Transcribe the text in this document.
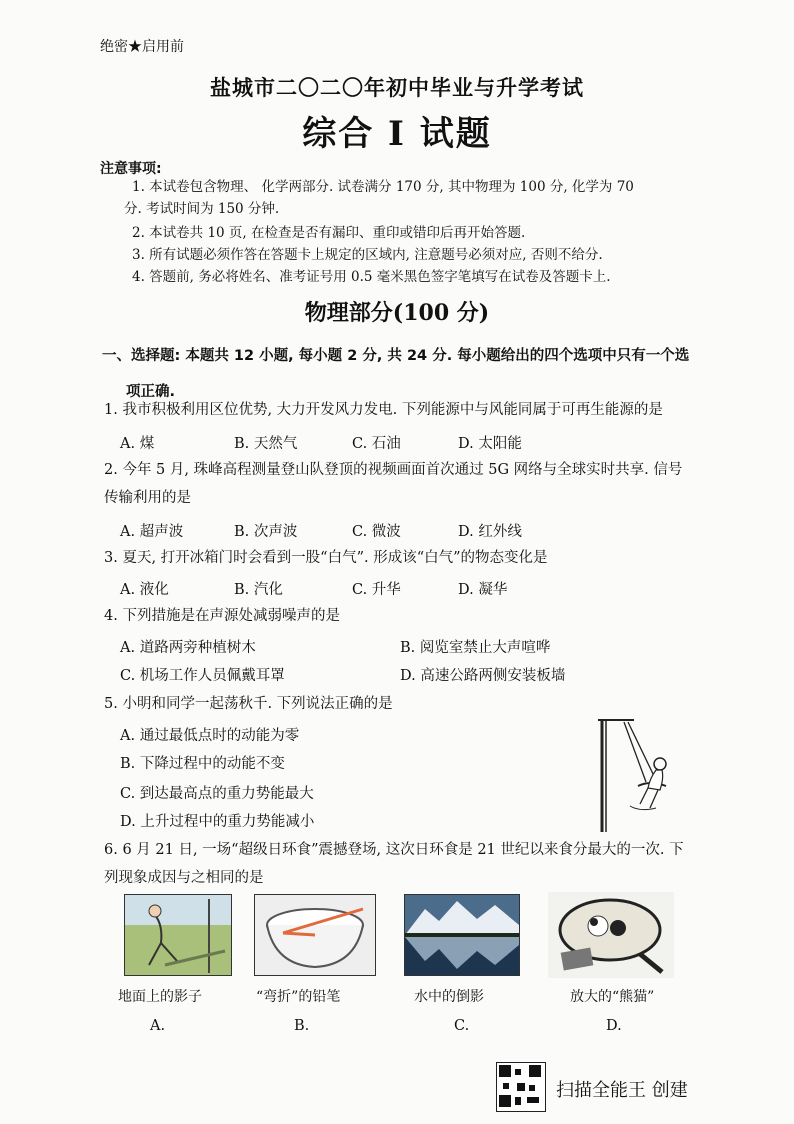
绝密★启用前
盐城市二〇二〇年初中毕业与升学考试
综合 I 试题
注意事项:
1. 本试卷包含物理、 化学两部分. 试卷满分 170 分, 其中物理为 100 分, 化学为 70
分. 考试时间为 150 分钟.
2. 本试卷共 10 页, 在检查是否有漏印、重印或错印后再开始答题.
3. 所有试题必须作答在答题卡上规定的区域内, 注意题号必须对应, 否则不给分.
4. 答题前, 务必将姓名、准考证号用 0.5 毫米黑色签字笔填写在试卷及答题卡上.
物理部分(100 分)
一、选择题: 本题共 12 小题, 每小题 2 分, 共 24 分. 每小题给出的四个选项中只有一个选
项正确.
1. 我市积极利用区位优势, 大力开发风力发电. 下列能源中与风能同属于可再生能源的是
A. 煤	B. 天然气	C. 石油	D. 太阳能
2. 今年 5 月, 珠峰高程测量登山队登顶的视频画面首次通过 5G 网络与全球实时共享. 信号
传输利用的是
A. 超声波	B. 次声波	C. 微波	D. 红外线
3. 夏天, 打开冰箱门时会看到一股“白气”. 形成该“白气”的物态变化是
A. 液化	B. 汽化	C. 升华	D. 凝华
4. 下列措施是在声源处减弱噪声的是
A. 道路两旁种植树木	B. 阅览室禁止大声喧哗
C. 机场工作人员佩戴耳罩	D. 高速公路两侧安装板墙
5. 小明和同学一起荡秋千. 下列说法正确的是
A. 通过最低点时的动能为零
B. 下降过程中的动能不变
C. 到达最高点的重力势能最大
D. 上升过程中的重力势能减小
6. 6 月 21 日, 一场“超级日环食”震撼登场, 这次日环食是 21 世纪以来食分最大的一次. 下
列现象成因与之相同的是
地面上的影子	“弯折”的铅笔	水中的倒影	放大的“熊猫”
A.	B.	C.	D.
扫描全能王 创建
